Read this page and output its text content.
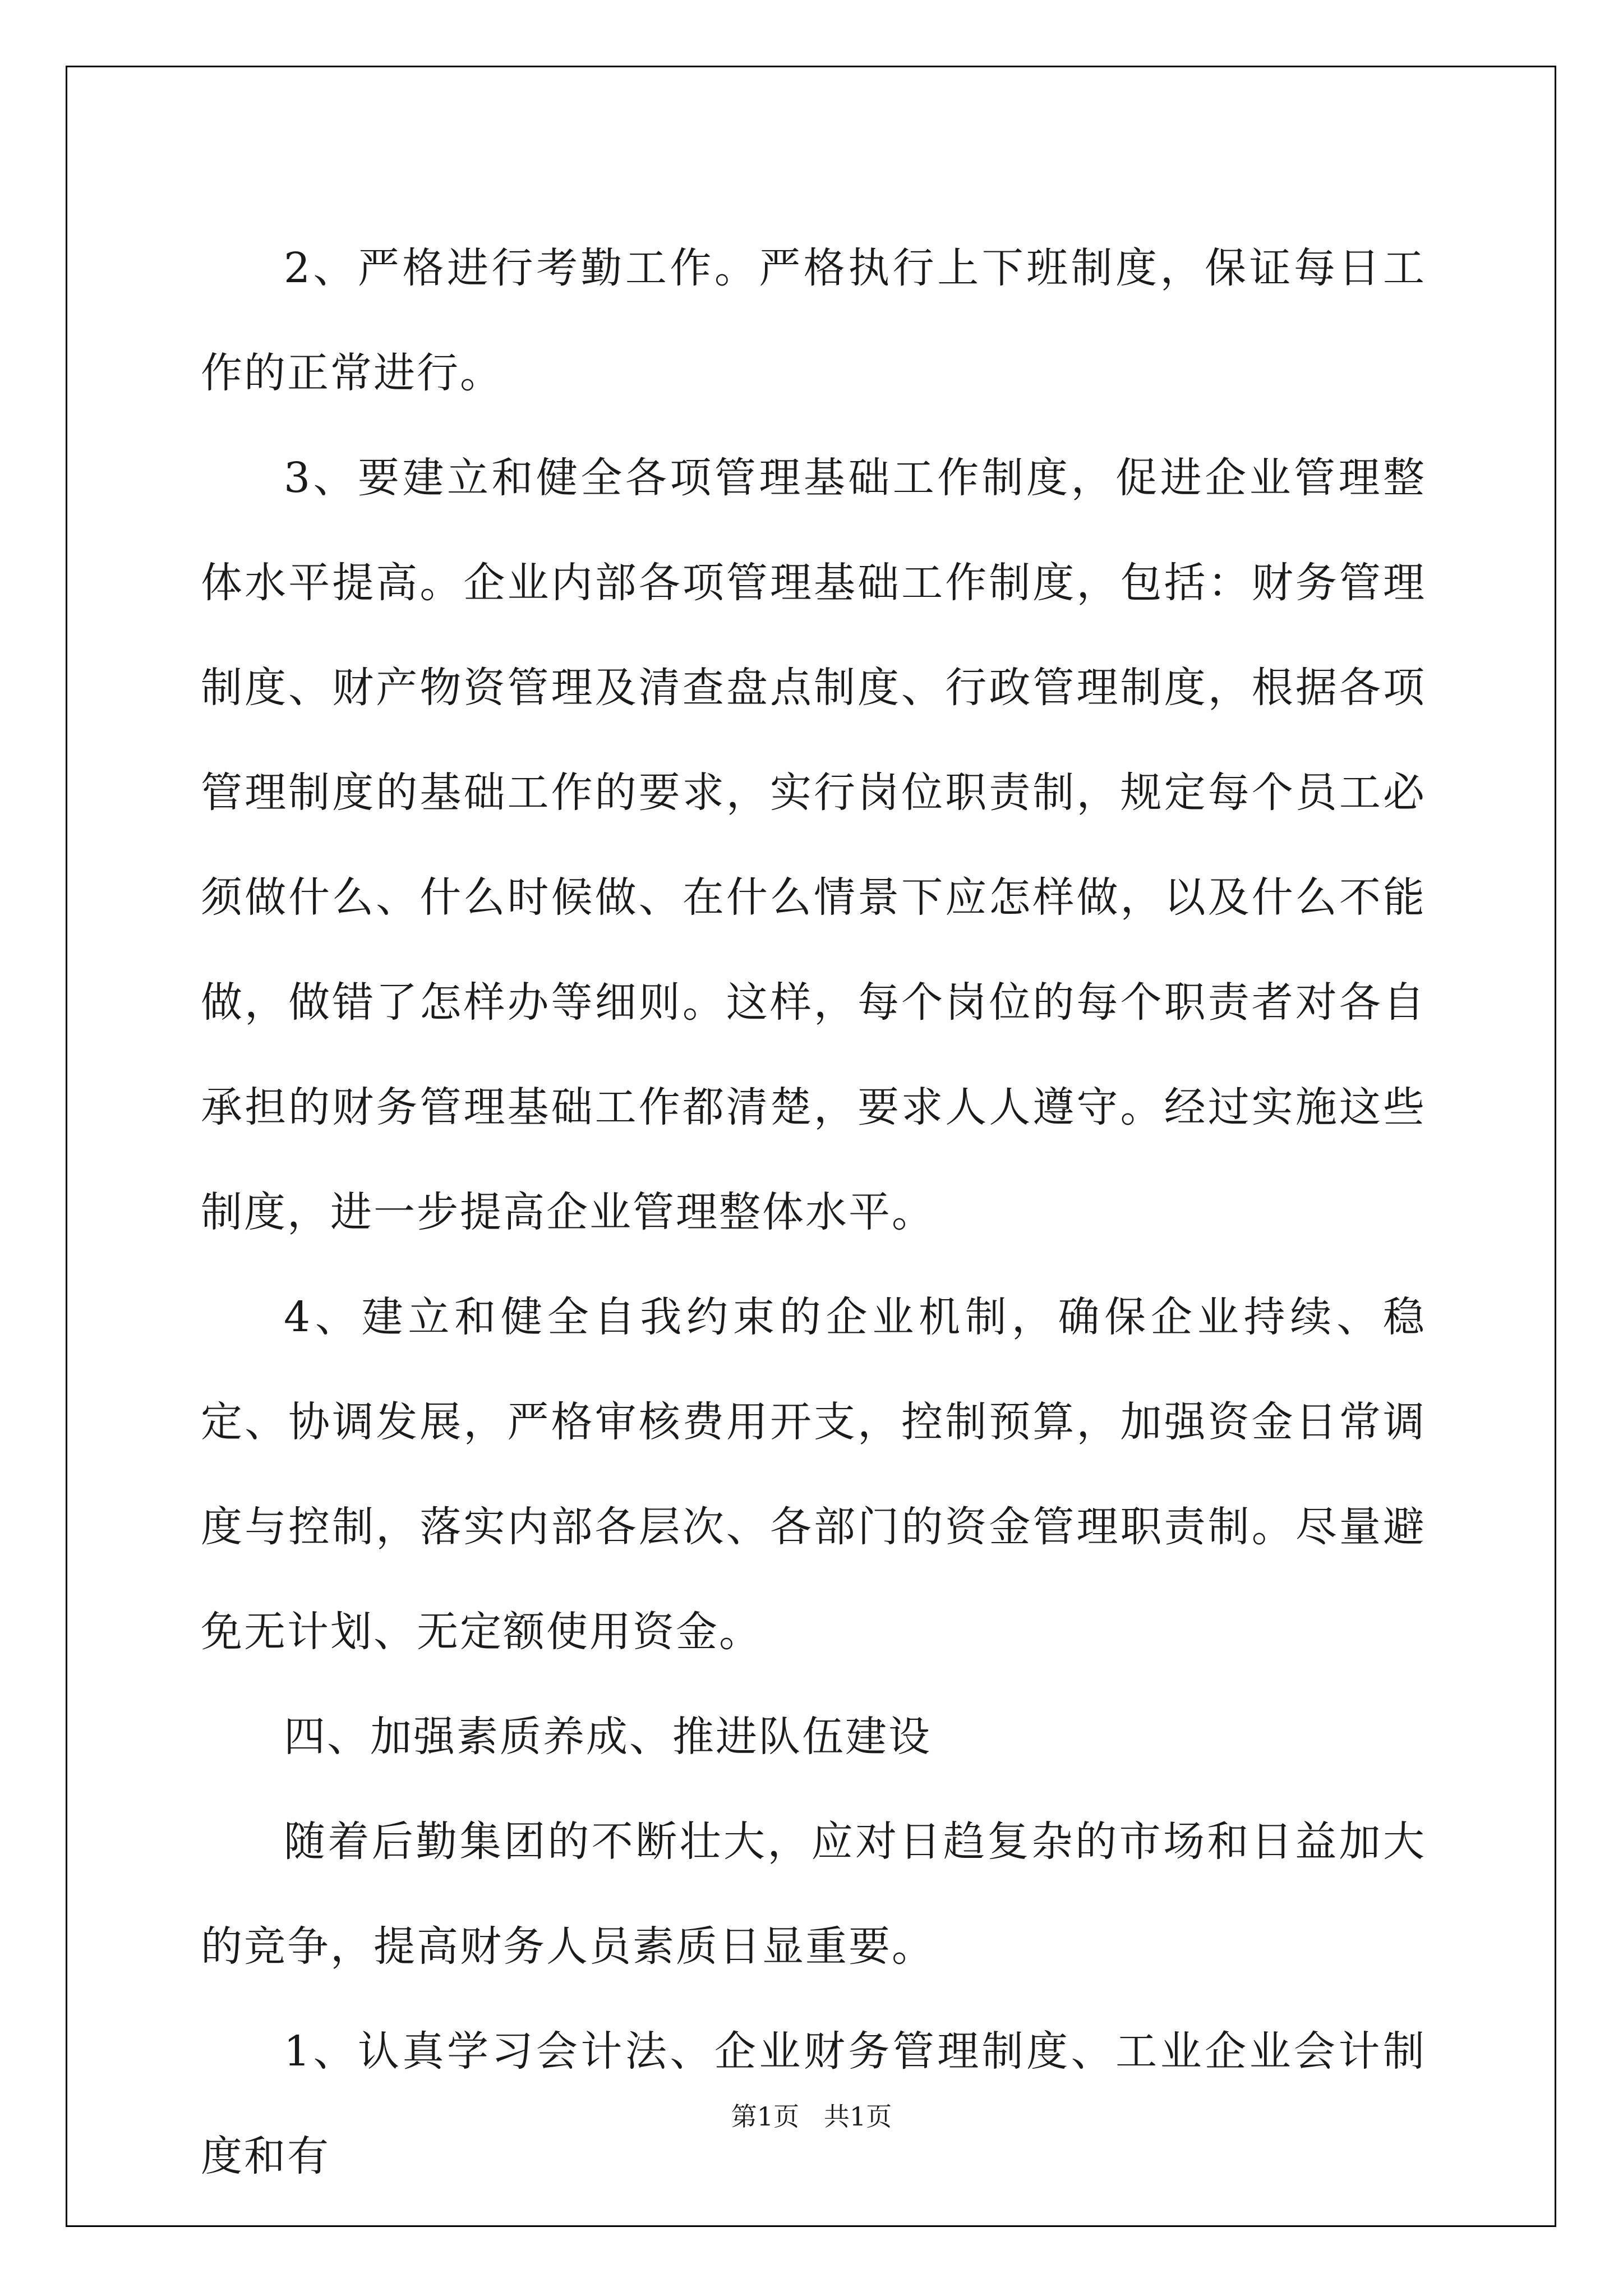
2、严格进行考勤工作。严格执行上下班制度，保证每日工作的正常进行。

3、要建立和健全各项管理基础工作制度，促进企业管理整体水平提高。企业内部各项管理基础工作制度，包括：财务管理制度、财产物资管理及清查盘点制度、行政管理制度，根据各项管理制度的基础工作的要求，实行岗位职责制，规定每个员工必须做什么、什么时候做、在什么情景下应怎样做，以及什么不能做，做错了怎样办等细则。这样，每个岗位的每个职责者对各自承担的财务管理基础工作都清楚，要求人人遵守。经过实施这些制度，进一步提高企业管理整体水平。

4、建立和健全自我约束的企业机制，确保企业持续、稳定、协调发展，严格审核费用开支，控制预算，加强资金日常调度与控制，落实内部各层次、各部门的资金管理职责制。尽量避免无计划、无定额使用资金。

四、加强素质养成、推进队伍建设

随着后勤集团的不断壮大，应对日趋复杂的市场和日益加大的竞争，提高财务人员素质日显重要。

1、认真学习会计法、企业财务管理制度、工业企业会计制度和有

第1页   共1页
